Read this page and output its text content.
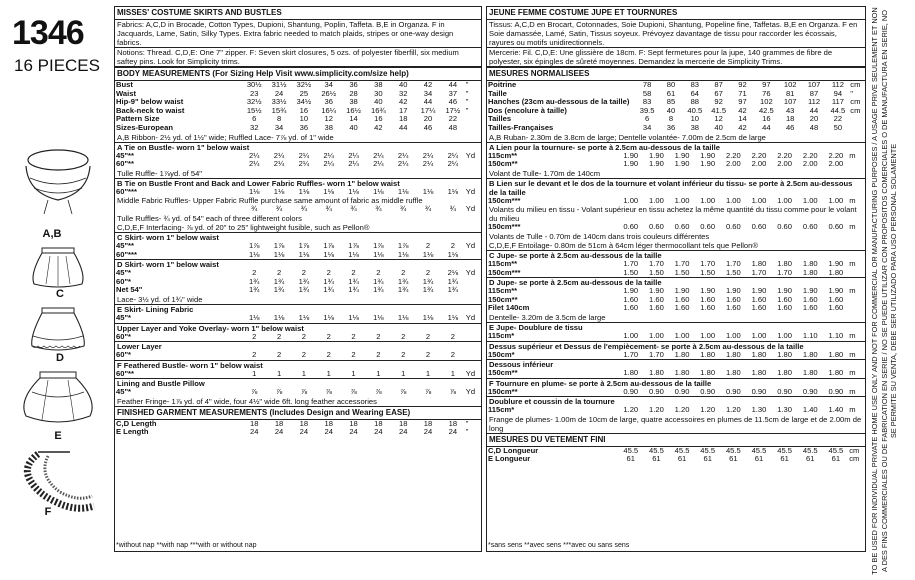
1346
16 PIECES
A,B
C
D
E
F
MISSES' COSTUME SKIRTS AND BUSTLES
Fabrics: A,C,D in Brocade, Cotton Types, Dupioni, Shantung, Poplin, Taffeta. B,E in Organza. F in Jacquards, Lame, Satin, Silky Types. Extra fabric needed to match plaids, stripes or one-way design fabrics.
Notions: Thread. C,D,E: One 7" zipper. F: Seven skirt closures, 5 ozs. of polyester fiberfill, six medium saftey pins. Look for Simplicity trims.
BODY MEASUREMENTS (For Sizing Help Visit www.simplicity.com/size help)
Bust	30½	31½	32½	34	36	38	40	42	44	"
Waist	23	24	25	26½	28	30	32	34	37	"
Hip-9" below waist	32½	33½	34½	36	38	40	42	44	46	"
Back-neck to waist	15½	15¾	16	16¼	16½	16¾	17	17¼	17½	"
Pattern Size	6	8	10	12	14	16	18	20	22	
Sizes-European	32	34	36	38	40	42	44	46	48	
A,B Ribbon- 2½ yd. of 1½" wide; Ruffled Lace- 7⅞ yd. of 1" wide
A Tie on Bustle- worn 1" below waist
45"**	2¼	2¼	2¼	2¼	2¼	2¼	2¼	2¼	2¼	Yd
60"**	2¼	2¼	2¼	2¼	2¼	2¼	2¼	2¼	2¼	
Tulle Ruffle- 1⅞yd. of 54"
B Tie on Bustle Front and Back and Lower Fabric Ruffles- worn 1" below waist
60"***	1⅛	1⅛	1⅛	1⅛	1⅛	1⅛	1⅛	1⅛	1⅛	Yd
Middle Fabric Ruffles- Upper Fabric Ruffle purchase same amount of fabric as middle ruffle
	¾	¾	¾	¾	¾	¾	¾	¾	¾	Yd
Tulle Ruffles- ¾ yd. of 54" each of three different colors
C,D,E,F Interfacing- ⅞ yd. of 20" to 25" lightweight fusible, such as Pellon®
C Skirt- worn 1" below waist
45"**	1⅞	1⅞	1⅞	1⅞	1⅞	1⅞	1⅞	2	2	Yd
60"***	1⅛	1⅛	1⅛	1⅛	1⅛	1⅛	1⅛	1⅛	1⅛	
D Skirt- worn 1" below waist
45"*	2	2	2	2	2	2	2	2	2⅛	Yd
60"*	1¾	1¾	1¾	1¾	1¾	1¾	1¾	1¾	1¾	
Net 54"	1¾	1¾	1¾	1¾	1¾	1¾	1¾	1¾	1¾	
Lace- 3½ yd. of 1¾" wide
E Skirt- Lining Fabric
45"*	1⅛	1⅛	1⅛	1⅛	1⅛	1⅛	1⅛	1⅛	1⅛	Yd
Upper Layer and Yoke Overlay- worn 1" below waist
60"*	2	2	2	2	2	2	2	2	2	
Lower Layer
60"*	2	2	2	2	2	2	2	2	2	
F Feathered Bustle- worn 1" below waist
60"**	1	1	1	1	1	1	1	1	1	Yd
Lining and Bustle Pillow
45"*	⅞	⅞	⅞	⅞	⅞	⅞	⅞	⅞	⅞	Yd
Feather Fringe- 1⅞ yd. of 4" wide, four 4½" wide 6ft. long feather accessories
FINISHED GARMENT MEASUREMENTS (Includes Design and Wearing EASE)
C,D Length	18	18	18	18	18	18	18	18	18	"
E Length	24	24	24	24	24	24	24	24	24	"
*without nap **with nap ***with or without nap
JEUNE FEMME COSTUME JUPE ET TOURNURES
Tissus: A,C,D en Brocart, Cotonnades, Soie Dupioni, Shantung, Popeline fine, Taffetas. B,E en Organza. F en Soie damassée, Lamé, Satin, Tissus soyeux. Prévoyez davantage de tissu pour raccorder les écossais, rayures ou motifs unidirectionnels.
Mercerie: Fil. C,D,E: Une glissière de 18cm. F: Sept fermetures pour la jupe, 140 grammes de fibre de polyester, six épingles de sûreté moyennes. Demandez la mercerie de Simplicity Trims.
MESURES NORMALISEES
Poitrine	78	80	83	87	92	97	102	107	112	cm
Taille	58	61	64	67	71	76	81	87	94	"
Hanches (23cm au-dessous de la taille)	83	85	88	92	97	102	107	112	117	cm
Dos (encolure à taille)	39.5	40	40.5	41.5	42	42.5	43	44	44.5	cm
Tailles	6	8	10	12	14	16	18	20	22	
Tailles-Françaises	34	36	38	40	42	44	46	48	50	
A,B Ruban- 2.30m de 3.8cm de large; Dentelle volantée- 7.00m de 2.5cm de large
A Lien pour la tournure- se porte à 2.5cm au-dessous de la taille
115cm**	1.90	1.90	1.90	1.90	2.20	2.20	2.20	2.20	2.20	m
150cm**	1.90	1.90	1.90	1.90	2.00	2.00	2.00	2.00	2.00	
Volant de Tulle- 1.70m de 140cm
B Lien sur le devant et le dos de la tournure et volant inférieur du tissu- se porte à 2.5cm au-dessous de la taille
150cm***	1.00	1.00	1.00	1.00	1.00	1.00	1.00	1.00	1.00	m
Volants du milieu en tissu - Volant supérieur en tissu achetez la même quantité du tissu comme pour le volant du milieu
150cm***	0.60	0.60	0.60	0.60	0.60	0.60	0.60	0.60	0.60	m
Volants de Tulle - 0.70m de 140cm dans trois couleurs différentes
C,D,E,F Entoilage- 0.80m de 51cm à 64cm léger thermocollant tels que Pellon®
C Jupe- se porte à 2.5cm au-dessous de la taille
115cm**	1.70	1.70	1.70	1.70	1.70	1.80	1.80	1.80	1.90	m
150cm***	1.50	1.50	1.50	1.50	1.50	1.70	1.70	1.80	1.80	
D Jupe- se porte à 2.5cm au-dessous de la taille
115cm**	1.90	1.90	1.90	1.90	1.90	1.90	1.90	1.90	1.90	m
150cm**	1.60	1.60	1.60	1.60	1.60	1.60	1.60	1.60	1.60	
Filet 140cm	1.60	1.60	1.60	1.60	1.60	1.60	1.60	1.60	1.60	
Dentelle- 3.20m de 3.5cm de large
E Jupe- Doublure de tissu
115cm*	1.00	1.00	1.00	1.00	1.00	1.00	1.00	1.10	1.10	m
Dessus supérieur et Dessus de l'empiècement- se porte à 2.5cm au-dessous de la taille
150cm*	1.70	1.70	1.80	1.80	1.80	1.80	1.80	1.80	1.80	m
Dessous inférieur
150cm**	1.80	1.80	1.80	1.80	1.80	1.80	1.80	1.80	1.80	m
F Tournure en plume- se porte à 2.5cm au-dessous de la taille
150cm**	0.90	0.90	0.90	0.90	0.90	0.90	0.90	0.90	0.90	m
Doublure et coussin de la tournure
115cm*	1.20	1.20	1.20	1.20	1.20	1.30	1.30	1.40	1.40	m
Frange de plumes- 1.00m de 10cm de large, quatre accessoires en plumes de 11.5cm de large et de 2.00m de long
MESURES DU VETEMENT FINI
C,D Longueur	45.5	45.5	45.5	45.5	45.5	45.5	45.5	45.5	45.5	cm
E Longueur	61	61	61	61	61	61	61	61	61	cm
*sans sens **avec sens ***avec ou sans sens	TO BE USED FOR INDIVIDUAL PRIVATE HOME USE ONLY AND NOT FOR COMMERCIAL OR MANUFACTURING PURPOSES / A USAGE PRIVE SEULEMENT ET NON A DES FINS COMMERCIALES OU DE FABRICATION EN SERIE / NO SE PUEDE UTILIZAR CON PROPOSITOS COMERCIALES O DE MANUFACTURA EN SERIE, NO SE PERMITE SU VENTA, DEBE SER UTILIZADO PARA USO PERSONAL SOLAMENTE
